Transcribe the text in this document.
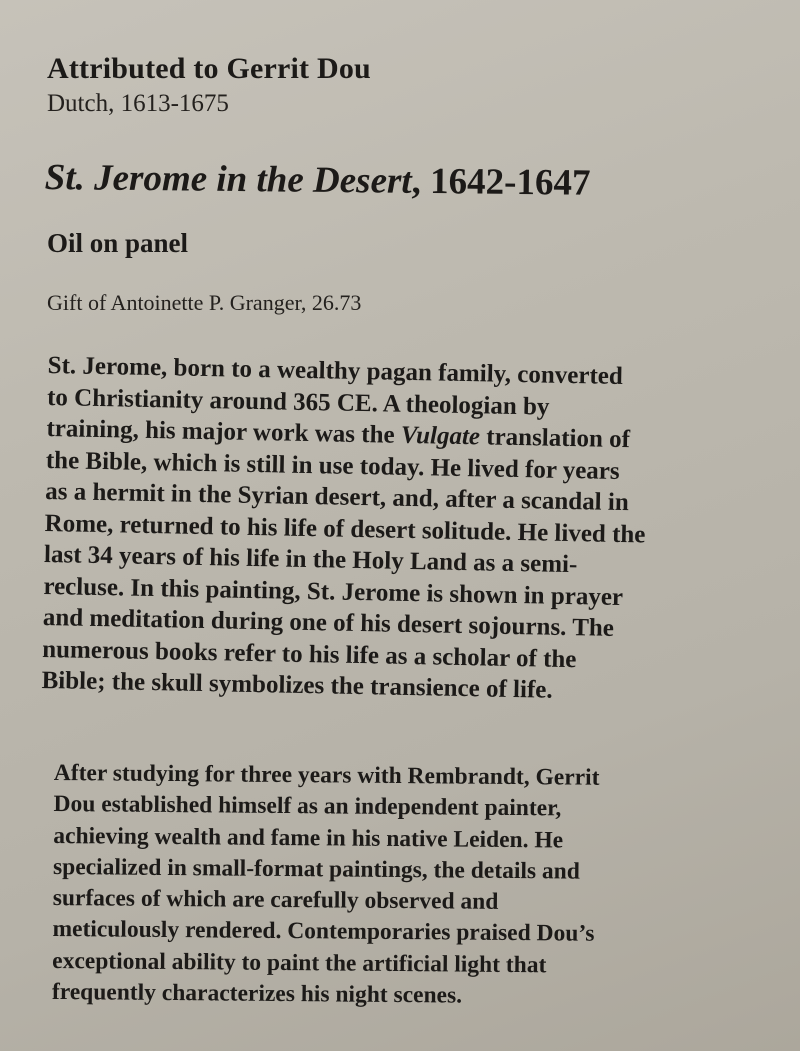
Attributed to Gerrit Dou
Dutch, 1613-1675
St. Jerome in the Desert, 1642-1647
Oil on panel
Gift of Antoinette P. Granger, 26.73
St. Jerome, born to a wealthy pagan family, converted
to Christianity around 365 CE. A theologian by
training, his major work was the Vulgate translation of
the Bible, which is still in use today. He lived for years
as a hermit in the Syrian desert, and, after a scandal in
Rome, returned to his life of desert solitude. He lived the
last 34 years of his life in the Holy Land as a semi-
recluse. In this painting, St. Jerome is shown in prayer
and meditation during one of his desert sojourns. The
numerous books refer to his life as a scholar of the
Bible; the skull symbolizes the transience of life.
After studying for three years with Rembrandt, Gerrit
Dou established himself as an independent painter,
achieving wealth and fame in his native Leiden. He
specialized in small-format paintings, the details and
surfaces of which are carefully observed and
meticulously rendered. Contemporaries praised Dou’s
exceptional ability to paint the artificial light that
frequently characterizes his night scenes.
